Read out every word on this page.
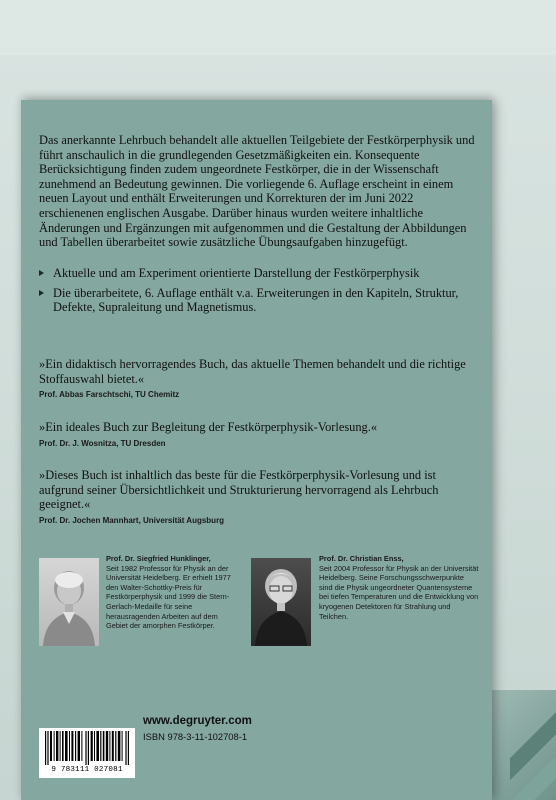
Das anerkannte Lehrbuch behandelt alle aktuellen Teilgebiete der Festkörperphysik und führt anschaulich in die grundlegenden Gesetzmäßigkeiten ein. Konsequente Berücksichtigung finden zudem ungeordnete Festkörper, die in der Wissenschaft zunehmend an Bedeutung gewinnen. Die vorliegende 6. Auflage erscheint in einem neuen Layout und enthält Erweiterungen und Korrekturen der im Juni 2022 erschienenen englischen Ausgabe. Darüber hinaus wurden weitere inhaltliche Änderungen und Ergänzungen mit aufgenommen und die Gestaltung der Abbildungen und Tabellen überarbeitet sowie zusätzliche Übungsaufgaben hinzugefügt.
Aktuelle und am Experiment orientierte Darstellung der Festkörperphysik
Die überarbeitete, 6. Auflage enthält v.a. Erweiterungen in den Kapiteln, Struktur, Defekte, Supraleitung und Magnetismus.
»Ein didaktisch hervorragendes Buch, das aktuelle Themen behandelt und die richtige Stoffauswahl bietet.«
Prof. Abbas Farschtschi, TU Chemitz
»Ein ideales Buch zur Begleitung der Festkörperphysik-Vorlesung.«
Prof. Dr. J. Wosnitza, TU Dresden
»Dieses Buch ist inhaltlich das beste für die Festkörperphysik-Vorlesung und ist aufgrund seiner Übersichtlichkeit und Strukturierung hervorragend als Lehrbuch geeignet.«
Prof. Dr. Jochen Mannhart, Universität Augsburg
Prof. Dr. Siegfried Hunklinger,
Seit 1982 Professor für Physik an der Universität Heidelberg. Er erhielt 1977 den Walter-Schottky-Preis für Festkörperphysik und 1999 die Stern-Gerlach-Medaille für seine herausragenden Arbeiten auf dem Gebiet der amorphen Festkörper.
Prof. Dr. Christian Enss,
Seit 2004 Professor für Physik an der Universität Heidelberg. Seine Forschungsschwerpunkte sind die Physik ungeordneter Quantensysteme bei tiefen Temperaturen und die Entwicklung von kryogenen Detektoren für Strahlung und Teilchen.
9 783111 027081
www.degruyter.com
ISBN 978-3-11-102708-1
